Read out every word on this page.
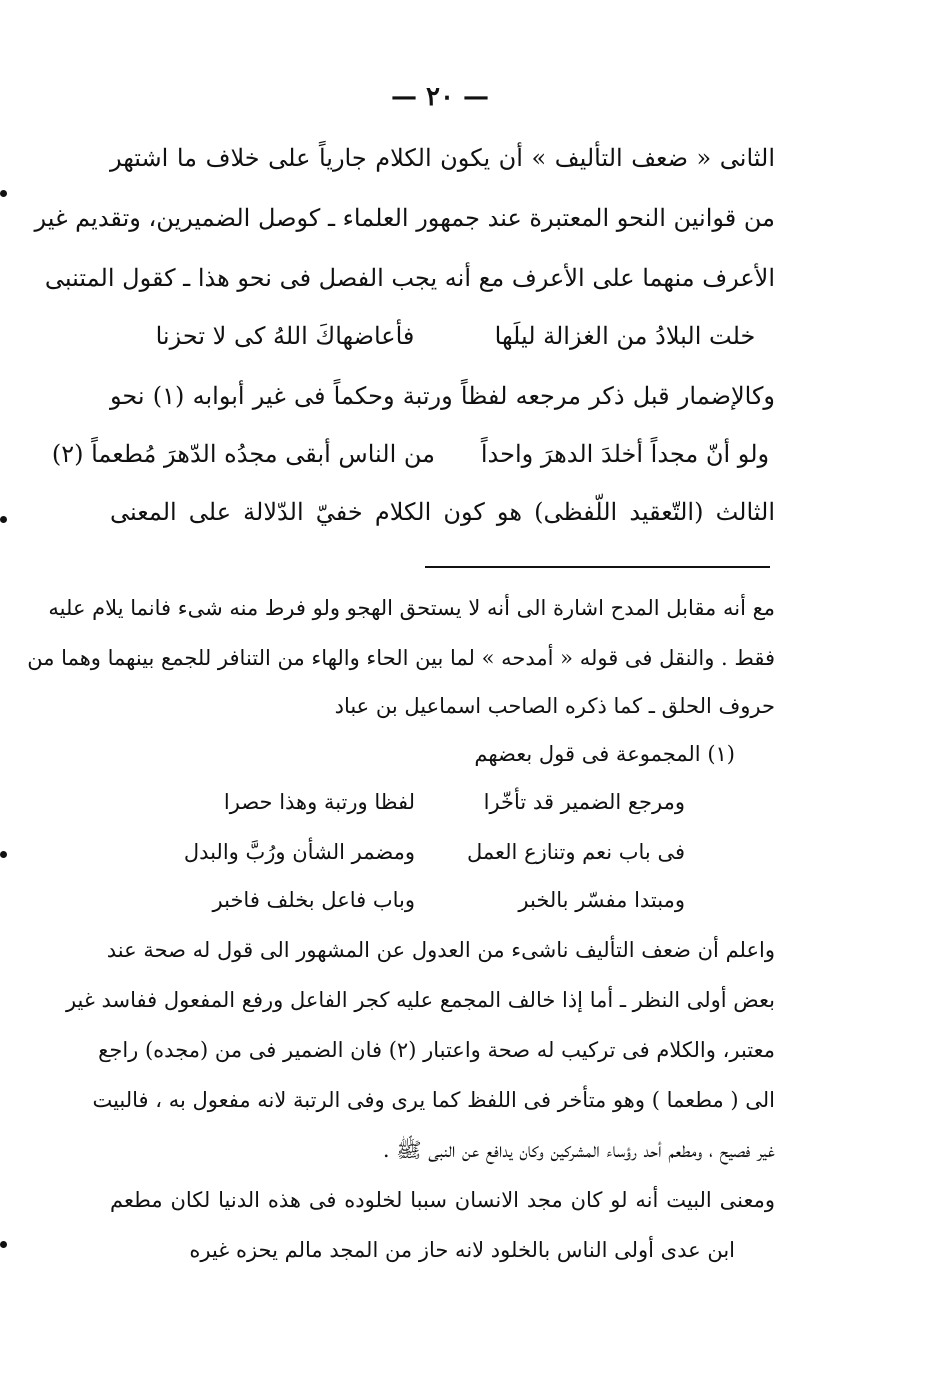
— ٢٠ —
الثانى « ضعف التأليف » أن يكون الكلام جارياً على خلاف ما اشتهر
من قوانين النحو المعتبرة عند جمهور العلماء ـ كوصل الضميرين، وتقديم غير
الأعرف منهما على الأعرف مع أنه يجب الفصل فى نحو هذا ـ كقول المتنبى
خلت البلادُ من الغزالة ليلَهافأعاضهاكَ اللهُ كى لا تحزنا
وكالإضمار قبل ذكر مرجعه لفظاً ورتبة وحكماً فى غير أبوابه (١) نحو
ولو أنّ مجداً أخلدَ الدهرَ واحداًمن الناس أبقى مجدُه الدّهرَ مُطعماً (٢)
الثالث (التّعقيد اللّفظى) هو كون الكلام خفيّ الدّلالة على المعنى
مع أنه مقابل المدح اشارة الى أنه لا يستحق الهجو ولو فرط منه شىء فانما يلام عليه
فقط . والنقل فى قوله « أمدحه » لما بين الحاء والهاء من التنافر للجمع بينهما وهما من
حروف الحلق ـ كما ذكره الصاحب اسماعيل بن عباد
(١) المجموعة فى قول بعضهم
ومرجع الضمير قد تأخّرالفظا ورتبة وهذا حصرا
فى باب نعم وتنازع العملومضمر الشأن ورُبَّ والبدل
ومبتدا مفسّر بالخبروباب فاعل بخلف فاخبر
واعلم أن ضعف التأليف ناشىء من العدول عن المشهور الى قول له صحة عند
بعض أولى النظر ـ أما إذا خالف المجمع عليه كجر الفاعل ورفع المفعول ففاسد غير
معتبر، والكلام فى تركيب له صحة واعتبار (٢) فان الضمير فى من (مجده) راجع
الى ( مطعما ) وهو متأخر فى اللفظ كما يرى وفى الرتبة لانه مفعول به ، فالبيت
غير فصيح ، ومطعم أحد رؤساء المشركين وكان يدافع عن النبى ﷺ .
ومعنى البيت أنه لو كان مجد الانسان سببا لخلوده فى هذه الدنيا لكان مطعم
ابن عدى أولى الناس بالخلود لانه حاز من المجد مالم يحزه غيره
